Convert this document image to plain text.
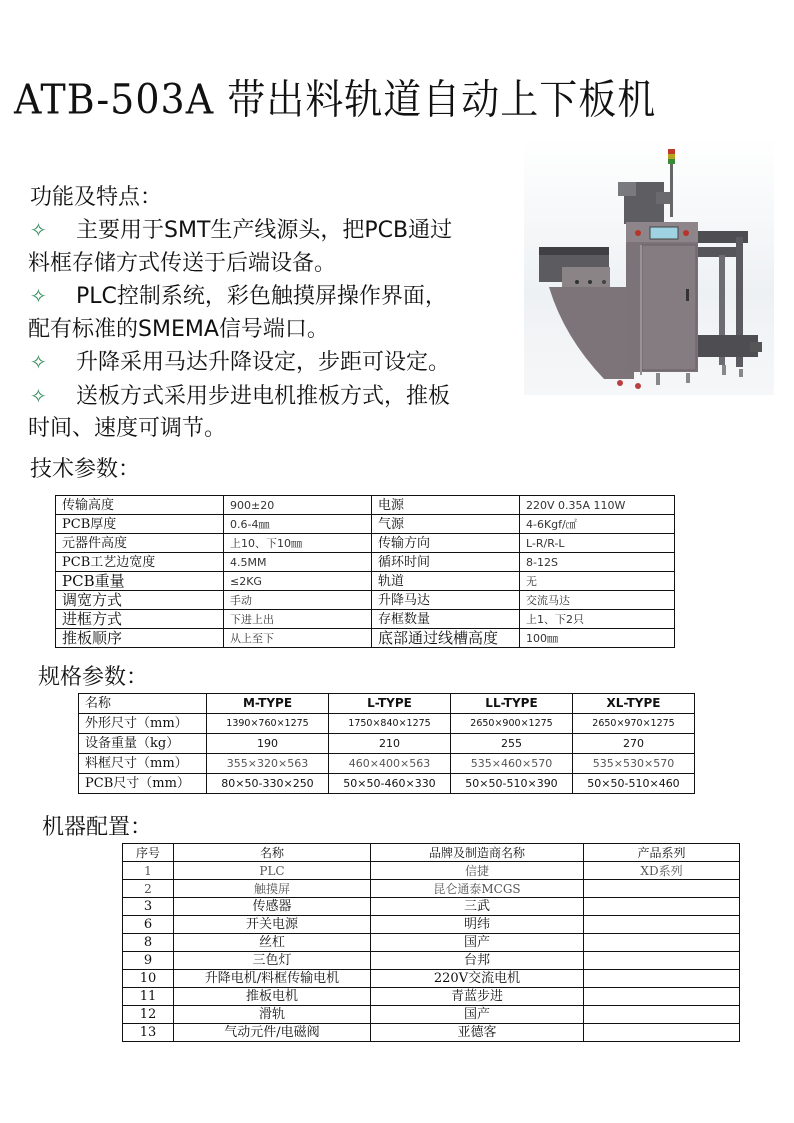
ATB-503A 带出料轨道自动上下板机
功能及特点：
✧ 主要用于SMT生产线源头，把PCB通过
料框存储方式传送于后端设备。
✧ PLC控制系统，彩色触摸屏操作界面，
配有标准的SMEMA信号端口。
✧ 升降采用马达升降设定，步距可设定。
✧ 送板方式采用步进电机推板方式，推板
时间、速度可调节。
技术参数：
传输高度	900±20	电源	220V 0.35A 110W
PCB厚度	0.6-4㎜	气源	4-6Kgf/㎠
元器件高度	上10、下10㎜	传输方向	L-R/R-L
PCB工艺边宽度	4.5MM	循环时间	8-12S
PCB重量	≤2KG	轨道	无
调宽方式	手动	升降马达	交流马达
进框方式	下进上出	存框数量	上1、下2只
推板顺序	从上至下	底部通过线槽高度	100㎜
规格参数：
名称	M-TYPE	L-TYPE	LL-TYPE	XL-TYPE
外形尺寸（mm）	1390×760×1275	1750×840×1275	2650×900×1275	2650×970×1275
设备重量（kg）	190	210	255	270
料框尺寸（mm）	355×320×563	460×400×563	535×460×570	535×530×570
PCB尺寸（mm）	80×50-330×250	50×50-460×330	50×50-510×390	50×50-510×460
机器配置：
序号	名称	品牌及制造商名称	产品系列
1	PLC	信捷	XD系列
2	触摸屏	昆仑通泰MCGS	
3	传感器	三武	
6	开关电源	明纬	
8	丝杠	国产	
9	三色灯	台邦	
10	升降电机/料框传输电机	220V交流电机	
11	推板电机	青蓝步进	
12	滑轨	国产	
13	气动元件/电磁阀	亚德客	
